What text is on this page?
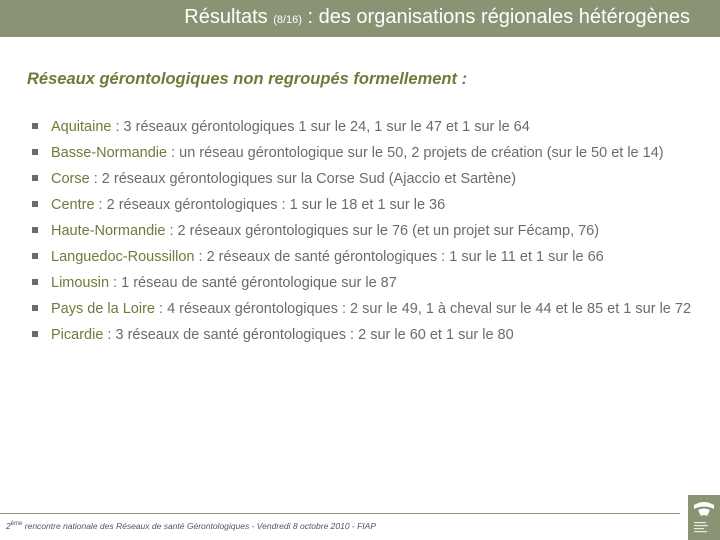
Résultats (8/16) : des organisations régionales hétérogènes
Réseaux gérontologiques non regroupés formellement :
Aquitaine : 3 réseaux gérontologiques 1 sur le 24, 1 sur le 47 et 1 sur le 64
Basse-Normandie : un réseau gérontologique sur le 50, 2 projets de création (sur le 50 et le 14)
Corse : 2 réseaux gérontologiques sur la Corse Sud (Ajaccio et Sartène)
Centre : 2 réseaux gérontologiques : 1 sur le 18 et 1 sur le 36
Haute-Normandie : 2 réseaux gérontologiques sur le 76 (et un projet sur Fécamp, 76)
Languedoc-Roussillon : 2 réseaux de santé gérontologiques : 1 sur le 11 et 1 sur le 66
Limousin : 1 réseau de santé gérontologique sur le 87
Pays de la Loire : 4 réseaux gérontologiques : 2 sur le 49, 1 à cheval sur le 44 et le 85 et 1 sur le 72
Picardie : 3 réseaux de santé gérontologiques : 2 sur le 60 et 1 sur le 80
2ème rencontre nationale des Réseaux de santé Gérontologiques - Vendredi 8 octobre 2010 - FIAP
